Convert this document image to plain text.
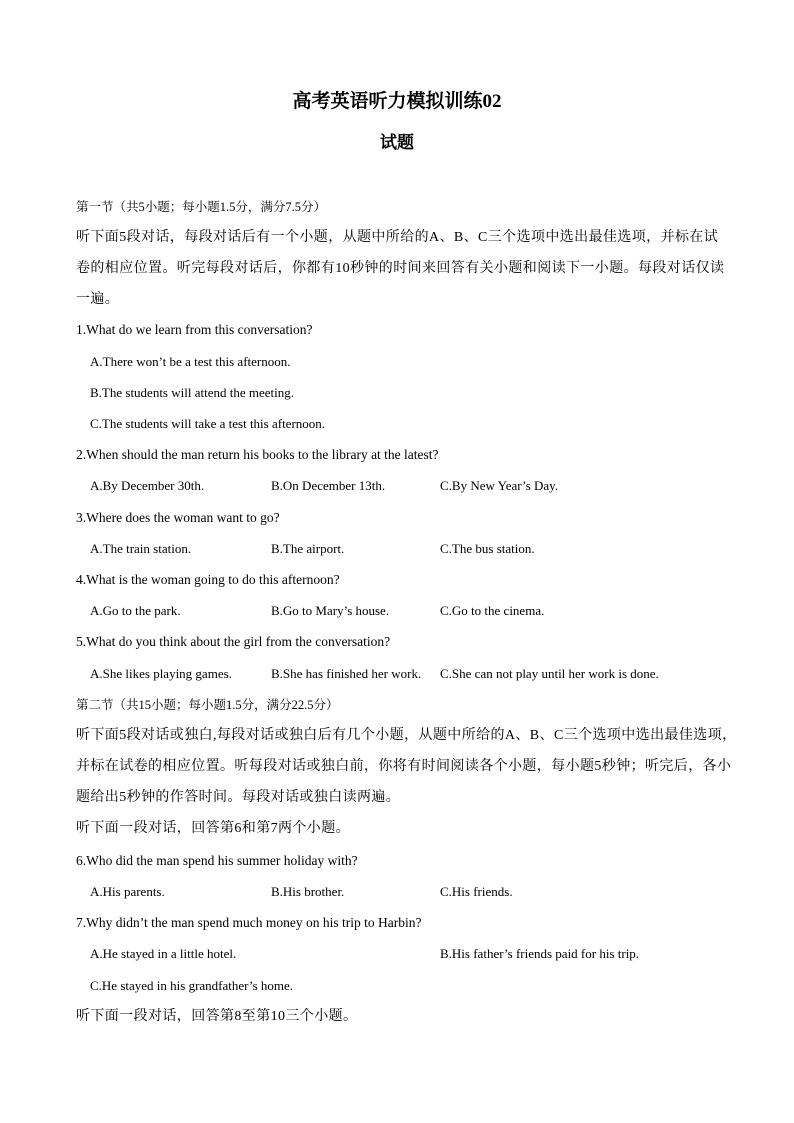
高考英语听力模拟训练02
试题
第一节（共5小题；每小题1.5分，满分7.5分）
听下面5段对话，每段对话后有一个小题，从题中所给的A、B、C三个选项中选出最佳选项，并标在试
卷的相应位置。听完每段对话后，你都有10秒钟的时间来回答有关小题和阅读下一小题。每段对话仅读
一遍。
1.What do we learn from this conversation?
A.There won’t be a test this afternoon.
B.The students will attend the meeting.
C.The students will take a test this afternoon.
2.When should the man return his books to the library at the latest?
A.By December 30th.	B.On December 13th.	C.By New Year’s Day.
3.Where does the woman want to go?
A.The train station.	B.The airport.	C.The bus station.
4.What is the woman going to do this afternoon?
A.Go to the park.	B.Go to Mary’s house.	C.Go to the cinema.
5.What do you think about the girl from the conversation?
A.She likes playing games.	B.She has finished her work. C.She can not play until her work is done.
第二节（共15小题；每小题1.5分，满分22.5分）
听下面5段对话或独白,每段对话或独白后有几个小题，从题中所给的A、B、C三个选项中选出最佳选项，
并标在试卷的相应位置。听每段对话或独白前，你将有时间阅读各个小题，每小题5秒钟；听完后，各小
题给出5秒钟的作答时间。每段对话或独白读两遍。
听下面一段对话，回答第6和第7两个小题。
6.Who did the man spend his summer holiday with?
A.His parents.	B.His brother.	C.His friends.
7.Why didn’t the man spend much money on his trip to Harbin?
A.He stayed in a little hotel.	B.His father’s friends paid for his trip.
C.He stayed in his grandfather’s home.
听下面一段对话，回答第8至第10三个小题。
